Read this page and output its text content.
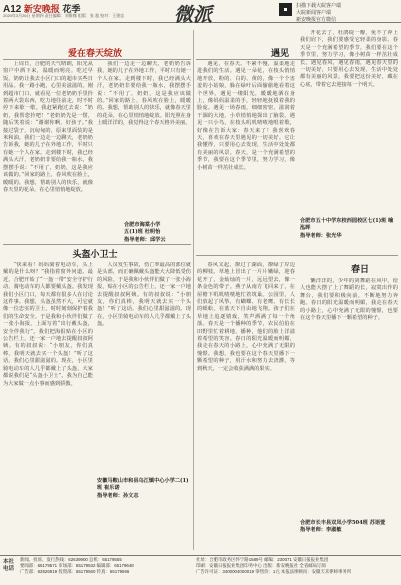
A12 新安晚报 花季
2020年3月26日 星期四 责任编辑：刘维娜 组版：张 超 校对：王建忠	微派	扫描下载大皖客户端
大皖新闻客户端
新安晚报官方微信
爱在春天绽放

上周日，合肥的天气晴朗，阳光从窗户中洒下来，温暖而明亮。吃过早饭，奶奶让我去小区门口的超市买些日用品。我一路小跑，心里美滋滋的。刚到超市门口，就看见一位老奶奶手里拎着两大袋东西，吃力地往前走，时不时停下来歇一歇。我赶紧跑过去说：“奶奶，我帮您拎吧！”老奶奶先是一愣，随后笑着说：“谢谢你啊，好孩子。”我接过袋子，沉甸甸的，原来里面装的是米和油。我们一边走一边聊天，老奶奶告诉我，她的儿子在外地工作，平时只有她一个人在家。走到楼下时，我已经满头大汗，老奶奶非要给我一瓶水，我摆摆手说：“不用了，奶奶，这是我应该做的。”回家的路上，春风吹在脸上，暖暖的。我想，帮助别人的快乐，就像春天里的花朵，在心里悄悄地绽放。

我们一边走一边聊天，老奶奶告诉我，她的儿子在外地工作，平时只有她一个人在家。走到楼下时，我已经满头大汗，老奶奶非要给我一瓶水，我摆摆手说：“不用了，奶奶，这是我应该做的。”回家的路上，春风吹在脸上，暖暖的。我想，帮助别人的快乐，就像春天里的花朵，在心里悄悄地绽放。阳光照在身上暖洋洋的，我觉得这个春天格外美丽。

合肥市海棠小学
五(1)班 杜明怡
指导老师：邱学云
头盔小卫士

“快来看！妈妈骑着电动车，头上戴的是什么呀？”我指着窗外问道。最近，合肥开始了“一盔一带”安全守护行动，骑电动车的人都要戴头盔。我发现我们小区门口，每天都有很多人在讨论这件事。我想，头盔虽然不大，可它就像一位忠实的卫士，时时刻刻保护着我们的生命安全。于是我和小伙伴们做了一张小海报，上面写着“出行戴头盔，安全伴我行”。我们把海报贴在小区的公告栏上，还一家一户地去提醒叔叔阿姨。有的叔叔说：“小朋友，你们真棒，我明天就去买一个头盔！”听了这话，我们心里甜滋滋的。现在，小区里骑电动车的人几乎都戴上了头盔，大家都说我们是“头盔小卫士”。我为自己能为大家做一点小事而感到骄傲。

人员发生事故，伤亡率最高的部位就是头部，而正确佩戴头盔能大大降低受伤的风险。于是我和小伙伴们做了一张小海报，贴在小区的公告栏上，还一家一户地去提醒叔叔阿姨。有的叔叔说：“小朋友，你们真棒，我明天就去买一个头盔！”听了这话，我们心里甜滋滋的。现在，小区里骑电动车的人几乎都戴上了头盔。

安徽马鞍山市和县乌江镇中心小学二(1)班 崔乐诺
指导老师：孙文志
遇见

遇见，在春天。不紧不慢，温柔地走进我们的生活。遇见一朵花，在枝头悄悄地开放，粉的、白的、黄的，像一个个害羞的小姑娘，躲在绿叶后面偷偷地看着这个世界。遇见一缕阳光，暖暖地洒在身上，像妈妈温柔的手，轻轻地抚摸着我的脸庞。遇见一场春雨，细细密密，滋润着干涸的大地，小草悄悄地探出了脑袋。遇见一只小鸟，在枝头叽叽喳喳地唱着歌，好像在告诉大家：春天来了！我喜欢春天，喜欢在春天里遇见的一切美好。它让我懂得，只要用心去发现，生活中处处都有美丽的风景。春天，是一个充满希望的季节，我要在这个季节里，努力学习，像小树苗一样茁壮成长。

开花去了，杜鹃绽一瓣，免不了奔上我们肩下，我们要感受它轻柔的身影。春天是一个充满希望的季节，我们要在这个季节里，努力学习，像小树苗一样茁壮成长。遇见春风，遇见春雨，遇见春天里的一切美好，只要用心去发现，生活中处处都有美丽的风景。我要把这份美好，藏在心底，带着它去迎接每一个明天。

合肥市五十中学东校西园校区七(1)班 喻泓晖
指导老师：张光华
春日

春风又起，撩过了湖面，撩绿了岸边的柳枝。草地上冒出了一片片嫩绿，迎春花开了，金灿灿的一片，远远望去，像一条金色的带子。燕子从南方飞回来了，在屋檐下叽叽喳喳地忙着筑巢。公园里，人们放起了风筝，有蝴蝶、有老鹰、有长长的蜈蚣，在蓝天下自由地飞翔。孩子们在草地上追逐嬉戏，笑声洒满了每一个角落。春天是一个播种的季节，农民伯伯在田野里忙着耕地、播种，他们的脸上洋溢着希望的笑容。春日的阳光温暖而明媚，我走在春天的小路上，心中充满了无限的憧憬。我想，我也要在这个春天里播下一颗希望的种子，用汗水和努力去浇灌，等到秋天，一定会收获满满的果实。

懒洋洋的，少年的剑舞蹈在风中，给人也能大摆了上了舞蹈的长，寂寞出作的舞台，我们要积极向前，不断地努力奔跑。春日的阳光温暖而明媚，我走在春天的小路上，心中充满了无限的憧憬，也要在这个春天里播下一颗希望的种子。

合肥市长丰县双凤小学504班 苏语萱
指导老师：李淑敏
本社电话
新闻、投诉、发行热线：62639900 总机：65179555
要闻部：65179571 市场部：65179532 编辑部：65179648
广告部：62626919 投资部：65179560 传真：65179566
社址：合肥市政务区怀宁路1589号 邮编：230071 安徽日报报业集团
印刷：安徽日报报业集团印务中心 出版：新安晚报社 全省邮局订阅
广告许可证：3400004000019 零售价：1元 本报法律顾问：安徽天禾律师事务所
